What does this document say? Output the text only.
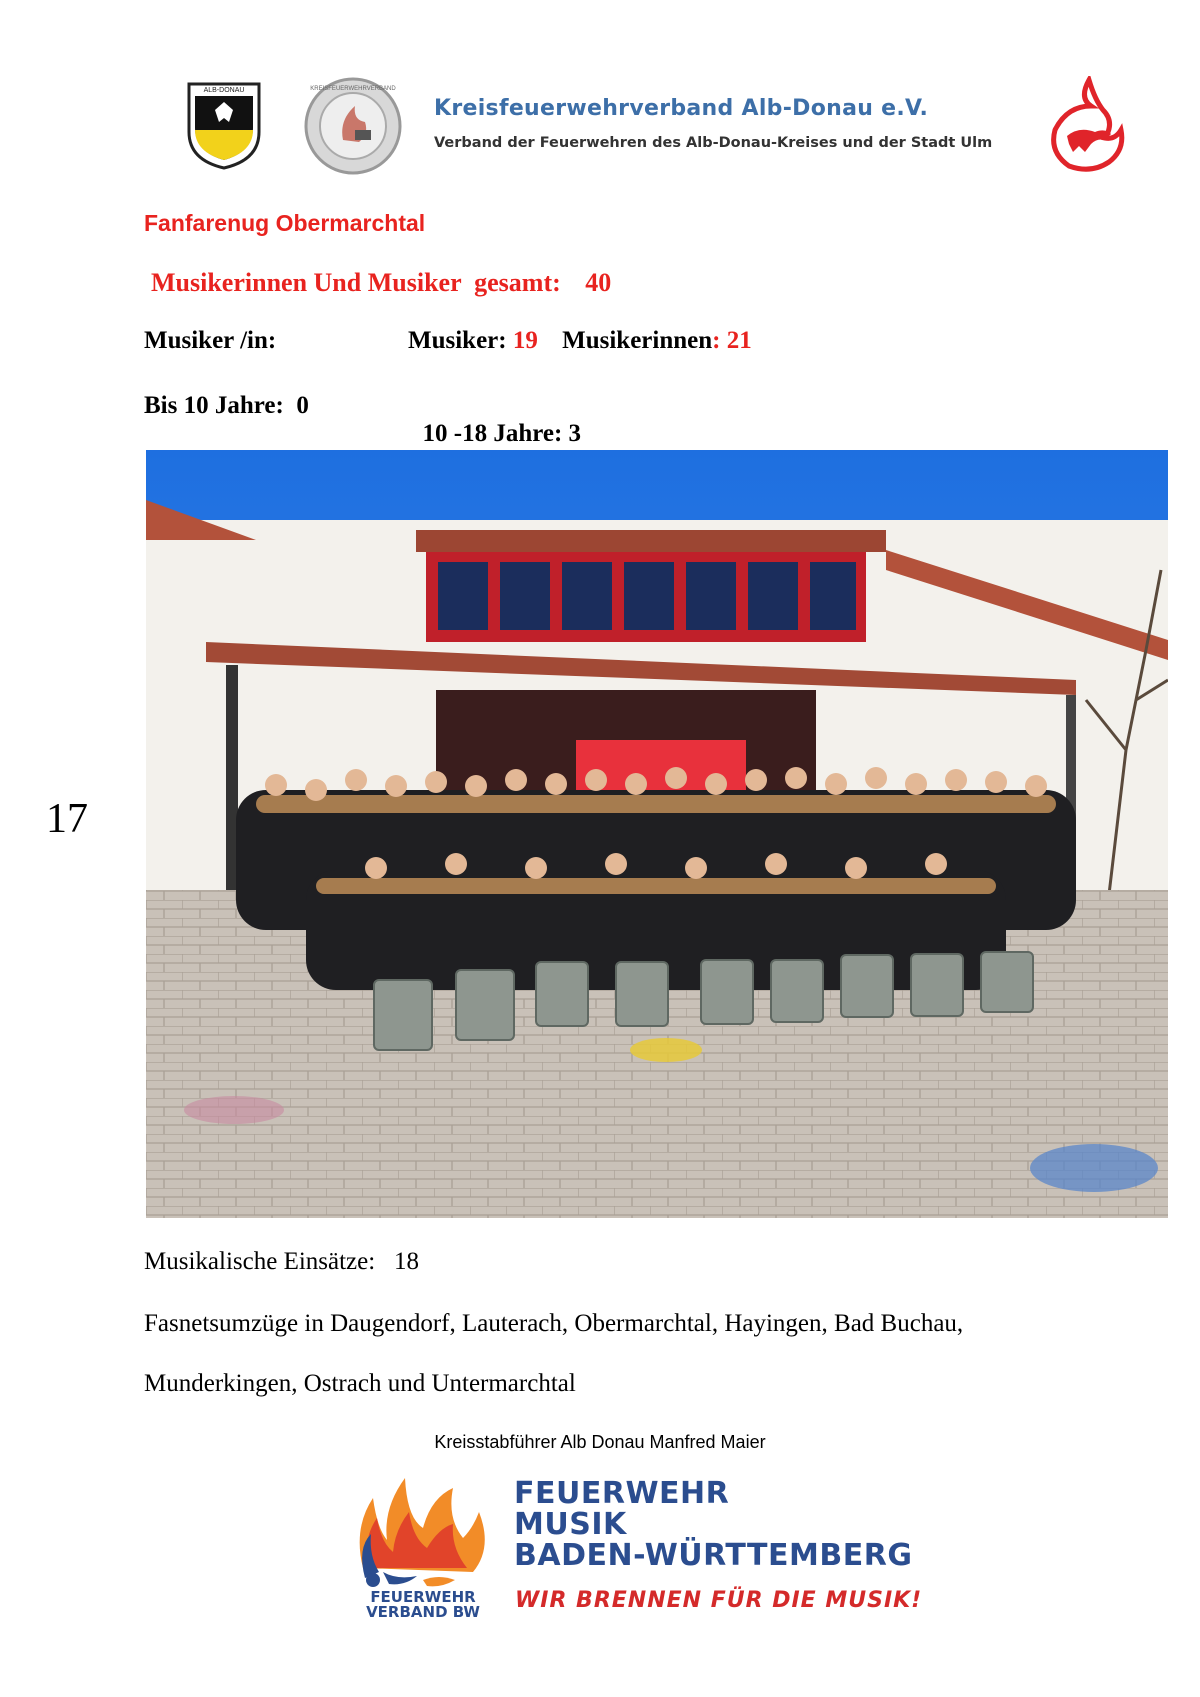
ALB-DONAU	KREISFEUERWEHRVERBAND
Kreisfeuerwehrverband Alb-Donau e.V.
Verband der Feuerwehren des Alb-Donau-Kreises und der Stadt Ulm
Fanfarenug Obermarchtal
Musikerinnen Und Musiker  gesamt: 40
Musiker /in:	Musiker: 19 Musikerinnen: 21
Bis 10 Jahre:  0

10 -18 Jahre: 3

17
Musikalische Einsätze:   18
Fasnetsumzüge in Daugendorf, Lauterach, Obermarchtal, Hayingen, Bad Buchau,
Munderkingen, Ostrach und Untermarchtal
Kreisstabführer Alb Donau Manfred Maier
FEUERWEHR
VERBAND BW
FEUERWEHR
MUSIK
BADEN-WÜRTTEMBERG
WIR BRENNEN FÜR DIE MUSIK!
